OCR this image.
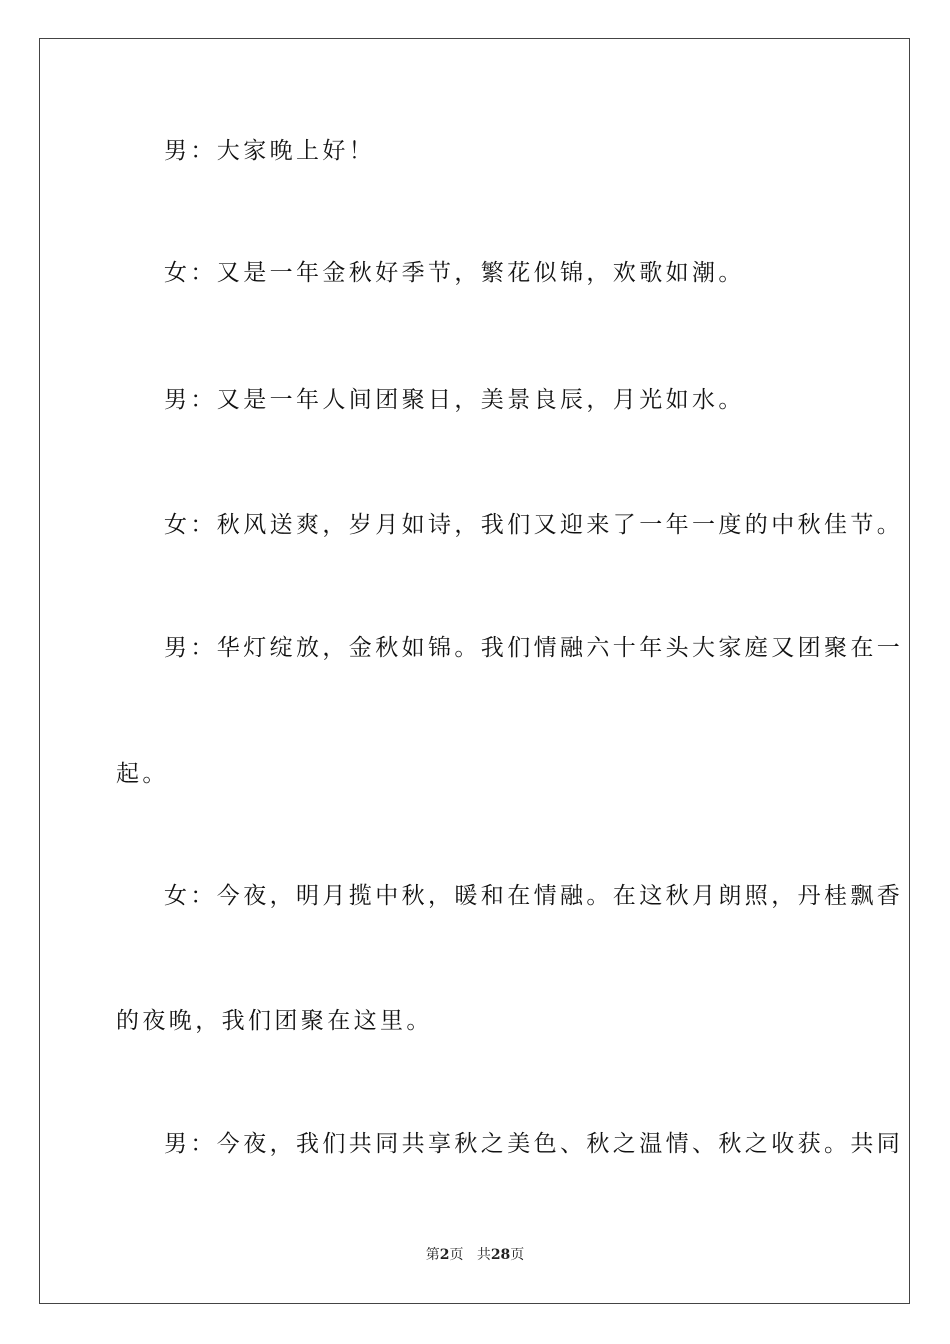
男：大家晚上好！
女：又是一年金秋好季节，繁花似锦，欢歌如潮。
男：又是一年人间团聚日，美景良辰，月光如水。
女：秋风送爽，岁月如诗，我们又迎来了一年一度的中秋佳节。
男：华灯绽放，金秋如锦。我们情融六十年头大家庭又团聚在一
起。
女：今夜，明月揽中秋，暖和在情融。在这秋月朗照，丹桂飘香
的夜晚，我们团聚在这里。
男：今夜，我们共同共享秋之美色、秋之温情、秋之收获。共同
第2页 共28页
